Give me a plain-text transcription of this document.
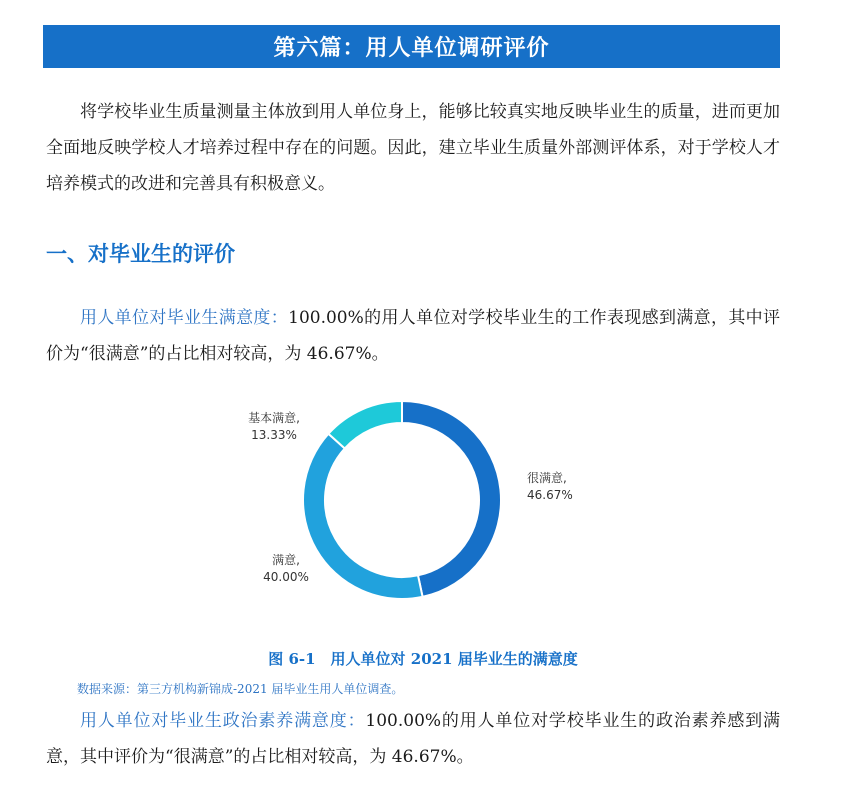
第六篇：用人单位调研评价

将学校毕业生质量测量主体放到用人单位身上，能够比较真实地反映毕业生的质量，进而更加全面地反映学校人才培养过程中存在的问题。因此，建立毕业生质量外部测评体系，对于学校人才培养模式的改进和完善具有积极意义。

一、对毕业生的评价

用人单位对毕业生满意度：100.00%的用人单位对学校毕业生的工作表现感到满意，其中评价为“很满意”的占比相对较高，为 46.67%。

很满意,
46.67%
满意,
40.00%
基本满意,
13.33%

图 6-1　用人单位对 2021 届毕业生的满意度

数据来源：第三方机构新锦成-2021 届毕业生用人单位调查。

用人单位对毕业生政治素养满意度：100.00%的用人单位对学校毕业生的政治素养感到满意，其中评价为“很满意”的占比相对较高，为 46.67%。
